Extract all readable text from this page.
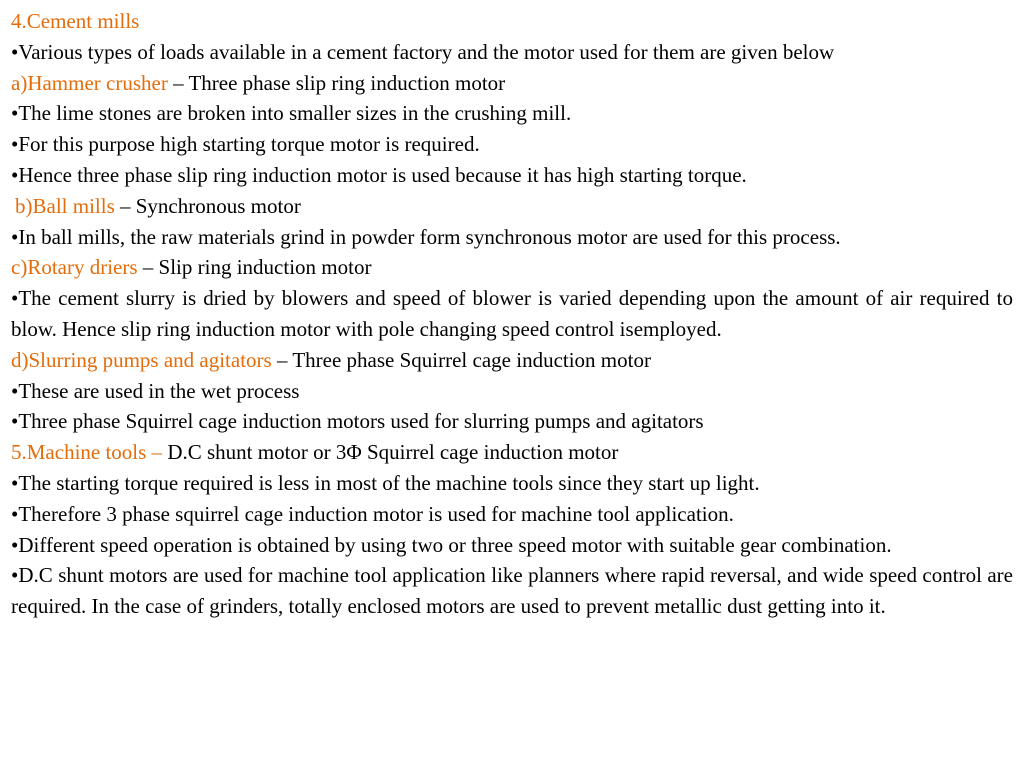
4.Cement mills

•Various types of loads available in a cement factory and the motor used for them are given below

a)Hammer crusher – Three phase slip ring induction motor

•The lime stones are broken into smaller sizes in the crushing mill.

•For this purpose high starting torque motor is required.

•Hence three phase slip ring induction motor is used because it has high starting torque.

b)Ball mills – Synchronous motor

•In ball mills, the raw materials grind in powder form synchronous motor are used for this process.

c)Rotary driers – Slip ring induction motor

•The cement slurry is dried by blowers and speed of blower is varied depending upon the amount of air required to blow. Hence slip ring induction motor with pole changing speed control isemployed.

d)Slurring pumps and agitators – Three phase Squirrel cage induction motor

•These are used in the wet process

•Three phase Squirrel cage induction motors used for slurring pumps and agitators

5.Machine tools – D.C shunt motor or 3Φ Squirrel cage induction motor

•The starting torque required is less in most of the machine tools since they start up light.

•Therefore 3 phase squirrel cage induction motor is used for machine tool application.

•Different speed operation is obtained by using two or three speed motor with suitable gear combination.

•D.C shunt motors are used for machine tool application like planners where rapid reversal, and wide speed control are required. In the case of grinders, totally enclosed motors are used to prevent metallic dust getting into it.
